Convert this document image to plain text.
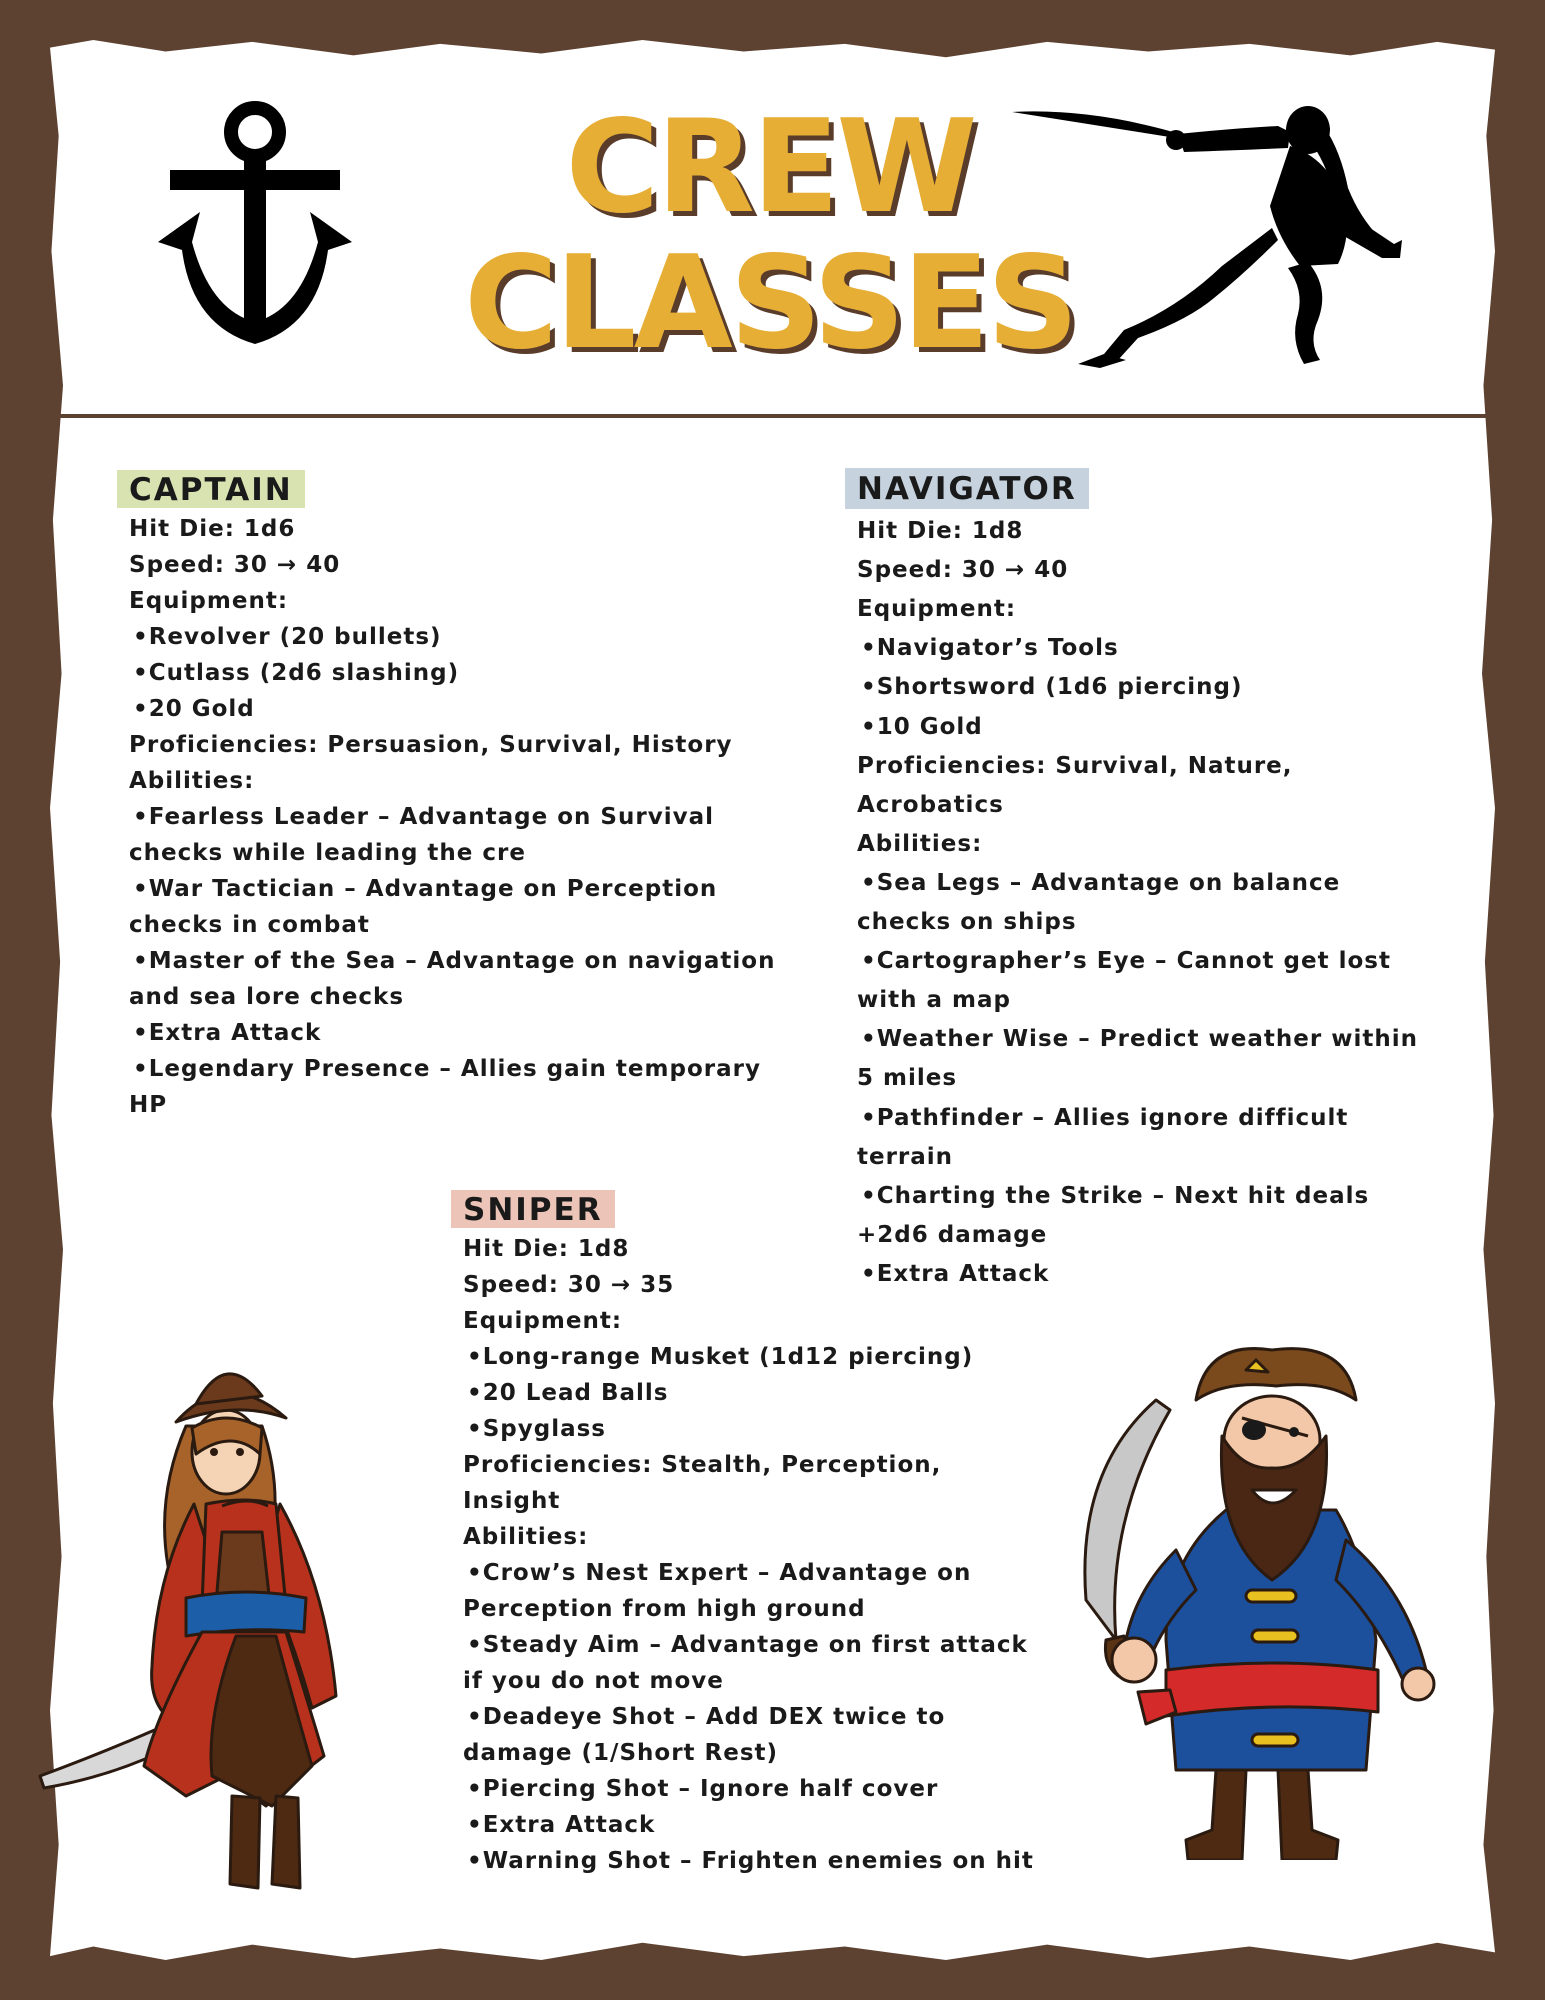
CREW
CLASSES
CAPTAIN
Hit Die: 1d6
Speed: 30 → 40
Equipment:
• Revolver (20 bullets)
• Cutlass (2d6 slashing)
• 20 Gold
Proficiencies: Persuasion, Survival, History
Abilities:
• Fearless Leader – Advantage on Survival
checks while leading the cre
• War Tactician – Advantage on Perception
checks in combat
• Master of the Sea – Advantage on navigation
and sea lore checks
• Extra Attack
• Legendary Presence – Allies gain temporary
HP
NAVIGATOR
Hit Die: 1d8
Speed: 30 → 40
Equipment:
• Navigator’s Tools
• Shortsword (1d6 piercing)
• 10 Gold
Proficiencies: Survival, Nature,
Acrobatics
Abilities:
• Sea Legs – Advantage on balance
checks on ships
• Cartographer’s Eye – Cannot get lost
with a map
• Weather Wise – Predict weather within
5 miles
• Pathfinder – Allies ignore difficult
terrain
• Charting the Strike – Next hit deals
+2d6 damage
• Extra Attack
SNIPER
Hit Die: 1d8
Speed: 30 → 35
Equipment:
• Long-range Musket (1d12 piercing)
• 20 Lead Balls
• Spyglass
Proficiencies: Stealth, Perception,
Insight
Abilities:
• Crow’s Nest Expert – Advantage on
Perception from high ground
• Steady Aim – Advantage on first attack
if you do not move
• Deadeye Shot – Add DEX twice to
damage (1/Short Rest)
• Piercing Shot – Ignore half cover
• Extra Attack
• Warning Shot – Frighten enemies on hit
